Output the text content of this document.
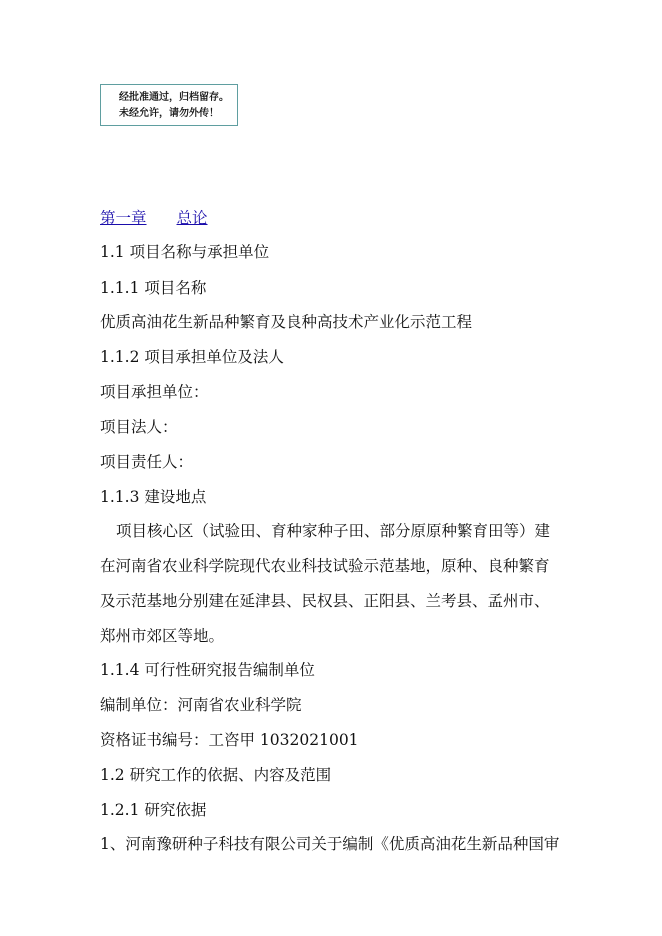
经批准通过，归档留存。
未经允许，请勿外传！
第一章 总论
1.1 项目名称与承担单位
1.1.1 项目名称
优质高油花生新品种繁育及良种高技术产业化示范工程
1.1.2 项目承担单位及法人
项目承担单位：
项目法人：
项目责任人：
1.1.3 建设地点
项目核心区（试验田、育种家种子田、部分原原种繁育田等）建
在河南省农业科学院现代农业科技试验示范基地，原种、良种繁育
及示范基地分别建在延津县、民权县、正阳县、兰考县、孟州市、
郑州市郊区等地。
1.1.4 可行性研究报告编制单位
编制单位：河南省农业科学院
资格证书编号：工咨甲 1032021001
1.2 研究工作的依据、内容及范围
1.2.1 研究依据
1、河南豫研种子科技有限公司关于编制《优质高油花生新品种国审
